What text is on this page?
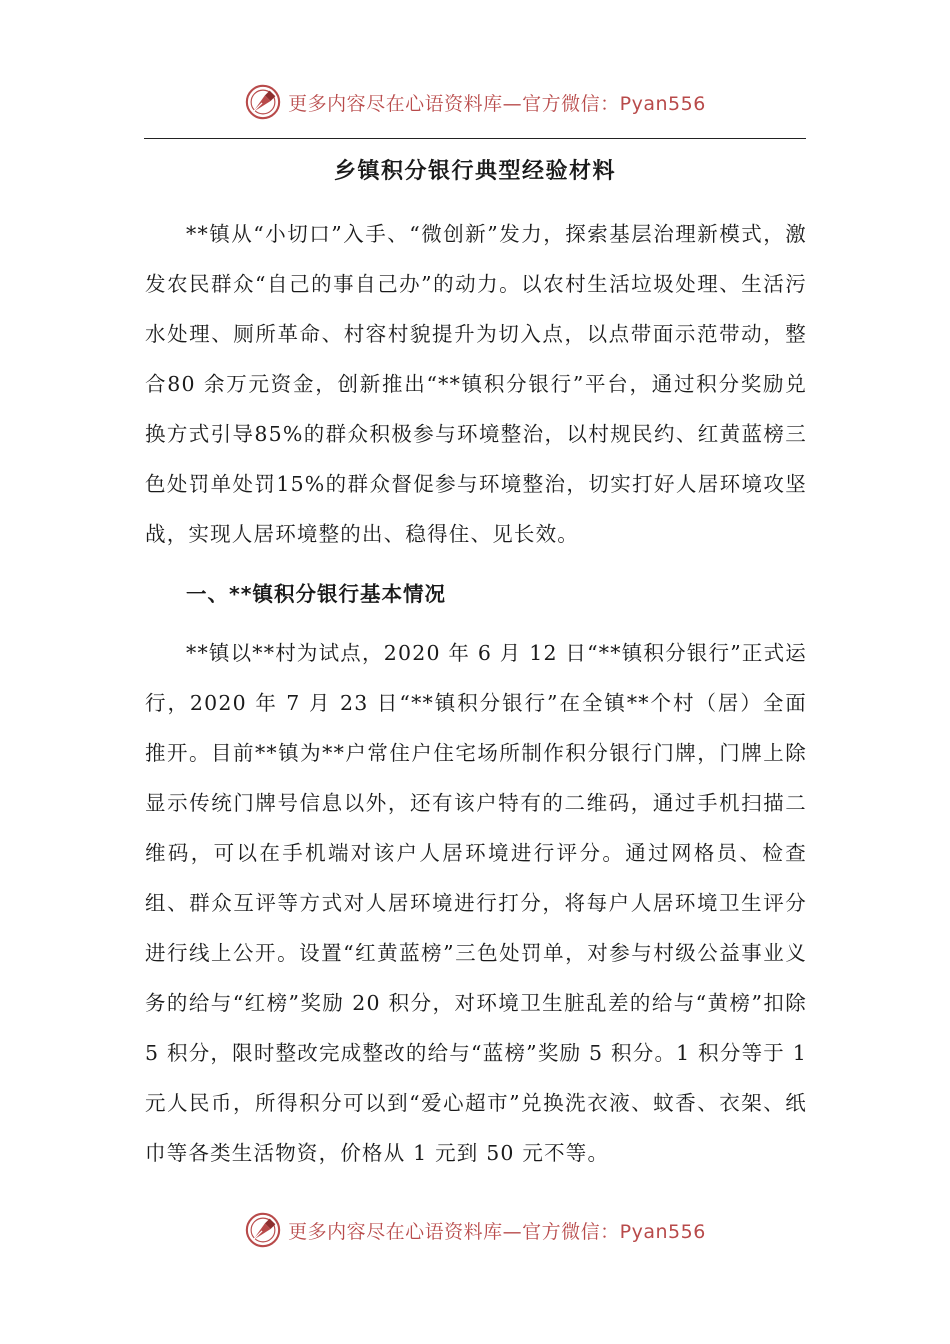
更多内容尽在心语资料库—官方微信：Pyan556
乡镇积分银行典型经验材料

**镇从“小切口”入手、“微创新”发力，探索基层治理新模式，激发农民群众“自己的事自己办”的动力。以农村生活垃圾处理、生活污水处理、厕所革命、村容村貌提升为切入点，以点带面示范带动，整合80 余万元资金，创新推出“**镇积分银行”平台，通过积分奖励兑换方式引导85%的群众积极参与环境整治，以村规民约、红黄蓝榜三色处罚单处罚15%的群众督促参与环境整治，切实打好人居环境攻坚战，实现人居环境整的出、稳得住、见长效。

一、**镇积分银行基本情况

**镇以**村为试点，2020 年 6 月 12 日“**镇积分银行”正式运行，2020 年 7 月 23 日“**镇积分银行”在全镇**个村（居）全面推开。目前**镇为**户常住户住宅场所制作积分银行门牌，门牌上除显示传统门牌号信息以外，还有该户特有的二维码，通过手机扫描二维码，可以在手机端对该户人居环境进行评分。通过网格员、检查组、群众互评等方式对人居环境进行打分，将每户人居环境卫生评分进行线上公开。设置“红黄蓝榜”三色处罚单，对参与村级公益事业义务的给与“红榜”奖励 20 积分，对环境卫生脏乱差的给与“黄榜”扣除 5 积分，限时整改完成整改的给与“蓝榜”奖励 5 积分。1 积分等于 1 元人民币，所得积分可以到“爱心超市”兑换洗衣液、蚊香、衣架、纸巾等各类生活物资，价格从 1 元到 50 元不等。

更多内容尽在心语资料库—官方微信：Pyan556
